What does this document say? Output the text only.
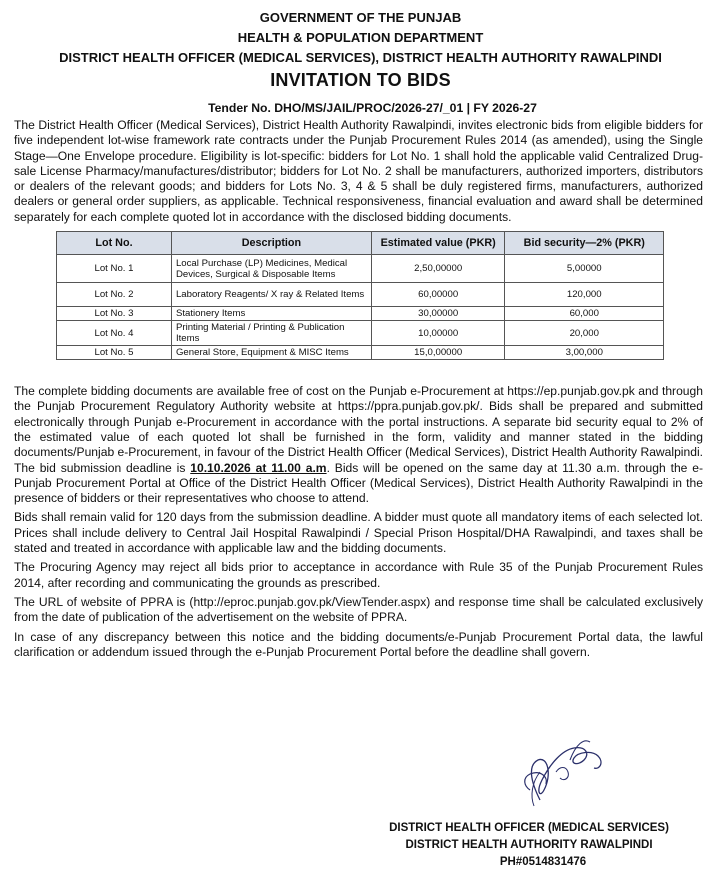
GOVERNMENT OF THE PUNJAB
HEALTH & POPULATION DEPARTMENT
DISTRICT HEALTH OFFICER (MEDICAL SERVICES), DISTRICT HEALTH AUTHORITY RAWALPINDI
INVITATION TO BIDS
Tender No. DHO/MS/JAIL/PROC/2026-27/_01 | FY 2026-27

The District Health Officer (Medical Services), District Health Authority Rawalpindi, invites electronic bids from eligible bidders for five independent lot-wise framework rate contracts under the Punjab Procurement Rules 2014 (as amended), using the Single Stage—One Envelope procedure. Eligibility is lot-specific: bidders for Lot No. 1 shall hold the applicable valid Centralized Drug-sale License Pharmacy/manufactures/distributor; bidders for Lot No. 2 shall be manufacturers, authorized importers, distributors or dealers of the relevant goods; and bidders for Lots No. 3, 4 & 5 shall be duly registered firms, manufacturers, authorized dealers or general order suppliers, as applicable. Technical responsiveness, financial evaluation and award shall be determined separately for each complete quoted lot in accordance with the disclosed bidding documents.

Lot No.	Description	Estimated value (PKR)	Bid security—2% (PKR)
Lot No. 1	Local Purchase (LP) Medicines, Medical Devices, Surgical & Disposable Items	2,50,00000	5,00000
Lot No. 2	Laboratory Reagents/ X ray & Related Items	60,00000	120,000
Lot No. 3	Stationery Items	30,00000	60,000
Lot No. 4	Printing Material / Printing & Publication Items	10,00000	20,000
Lot No. 5	General Store, Equipment & MISC Items	15,0,00000	3,00,000

The complete bidding documents are available free of cost on the Punjab e-Procurement at https://ep.punjab.gov.pk and through the Punjab Procurement Regulatory Authority website at https://ppra.punjab.gov.pk/. Bids shall be prepared and submitted electronically through Punjab e-Procurement in accordance with the portal instructions. A separate bid security equal to 2% of the estimated value of each quoted lot shall be furnished in the form, validity and manner stated in the bidding documents/Punjab e-Procurement, in favour of the District Health Officer (Medical Services), District Health Authority Rawalpindi. The bid submission deadline is 10.10.2026 at 11.00 a.m. Bids will be opened on the same day at 11.30 a.m. through the e-Punjab Procurement Portal at Office of the District Health Officer (Medical Services), District Health Authority Rawalpindi in the presence of bidders or their representatives who choose to attend.

Bids shall remain valid for 120 days from the submission deadline. A bidder must quote all mandatory items of each selected lot. Prices shall include delivery to Central Jail Hospital Rawalpindi / Special Prison Hospital/DHA Rawalpindi, and taxes shall be stated and treated in accordance with applicable law and the bidding documents.

The Procuring Agency may reject all bids prior to acceptance in accordance with Rule 35 of the Punjab Procurement Rules 2014, after recording and communicating the grounds as prescribed.

The URL of website of PPRA is (http://eproc.punjab.gov.pk/ViewTender.aspx) and response time shall be calculated exclusively from the date of publication of the advertisement on the website of PPRA.

In case of any discrepancy between this notice and the bidding documents/e-Punjab Procurement Portal data, the lawful clarification or addendum issued through the e-Punjab Procurement Portal before the deadline shall govern.

DISTRICT HEALTH OFFICER (MEDICAL SERVICES)
DISTRICT HEALTH AUTHORITY RAWALPINDI
PH#0514831476
